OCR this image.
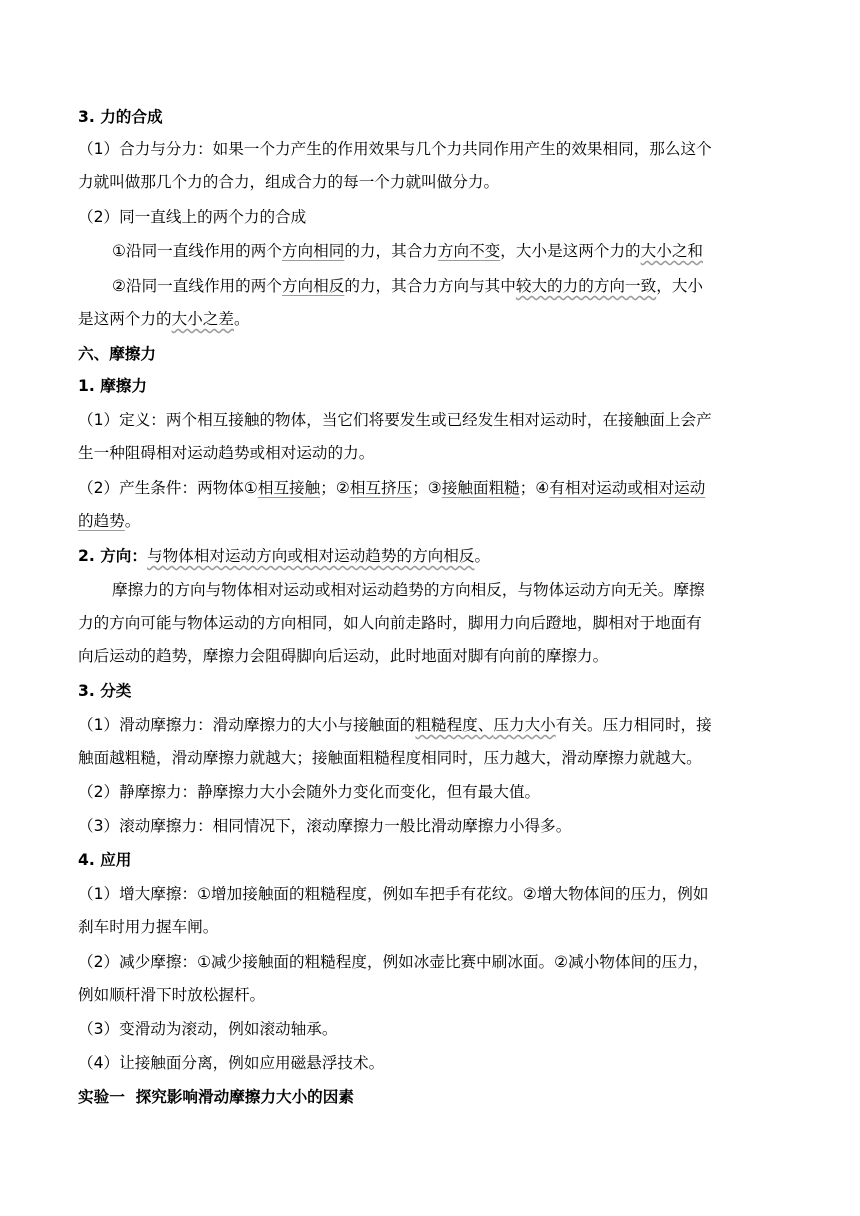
3. 力的合成
（1）合力与分力：如果一个力产生的作用效果与几个力共同作用产生的效果相同，那么这个
力就叫做那几个力的合力，组成合力的每一个力就叫做分力。
（2）同一直线上的两个力的合成
①沿同一直线作用的两个方向相同的力，其合力方向不变，大小是这两个力的大小之和
②沿同一直线作用的两个方向相反的力，其合力方向与其中较大的力的方向一致，大小
是这两个力的大小之差。
六、摩擦力
1. 摩擦力
（1）定义：两个相互接触的物体，当它们将要发生或已经发生相对运动时，在接触面上会产
生一种阻碍相对运动趋势或相对运动的力。
（2）产生条件：两物体①相互接触；②相互挤压；③接触面粗糙；④有相对运动或相对运动
的趋势。
2. 方向：与物体相对运动方向或相对运动趋势的方向相反。
摩擦力的方向与物体相对运动或相对运动趋势的方向相反，与物体运动方向无关。摩擦
力的方向可能与物体运动的方向相同，如人向前走路时，脚用力向后蹬地，脚相对于地面有
向后运动的趋势，摩擦力会阻碍脚向后运动，此时地面对脚有向前的摩擦力。
3. 分类
（1）滑动摩擦力：滑动摩擦力的大小与接触面的粗糙程度、压力大小有关。压力相同时，接
触面越粗糙，滑动摩擦力就越大；接触面粗糙程度相同时，压力越大，滑动摩擦力就越大。
（2）静摩擦力：静摩擦力大小会随外力变化而变化，但有最大值。
（3）滚动摩擦力：相同情况下，滚动摩擦力一般比滑动摩擦力小得多。
4. 应用
（1）增大摩擦：①增加接触面的粗糙程度，例如车把手有花纹。②增大物体间的压力，例如
刹车时用力握车闸。
（2）减少摩擦：①减少接触面的粗糙程度，例如冰壶比赛中刷冰面。②减小物体间的压力，
例如顺杆滑下时放松握杆。
（3）变滑动为滚动，例如滚动轴承。
（4）让接触面分离，例如应用磁悬浮技术。
实验一  探究影响滑动摩擦力大小的因素
